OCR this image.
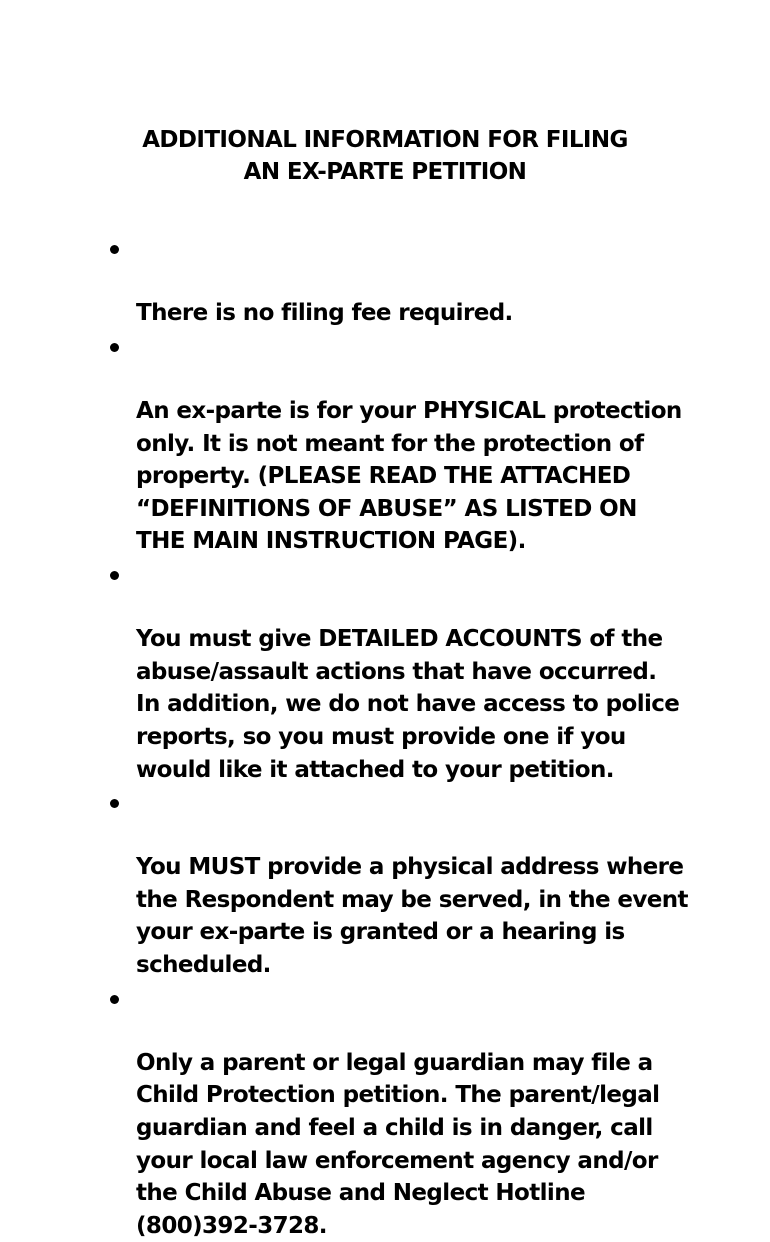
ADDITIONAL INFORMATION FOR FILING
AN EX-PARTE PETITION

There is no filing fee required.

An ex-parte is for your PHYSICAL protection
only. It is not meant for the protection of
property. (PLEASE READ THE ATTACHED
“DEFINITIONS OF ABUSE” AS LISTED ON
THE MAIN INSTRUCTION PAGE).

You must give DETAILED ACCOUNTS of the
abuse/assault actions that have occurred.
In addition, we do not have access to police
reports, so you must provide one if you
would like it attached to your petition.

You MUST provide a physical address where
the Respondent may be served, in the event
your ex-parte is granted or a hearing is
scheduled.

Only a parent or legal guardian may file a
Child Protection petition. The parent/legal
guardian and feel a child is in danger, call
your local law enforcement agency and/or
the Child Abuse and Neglect Hotline
(800)392-3728.
